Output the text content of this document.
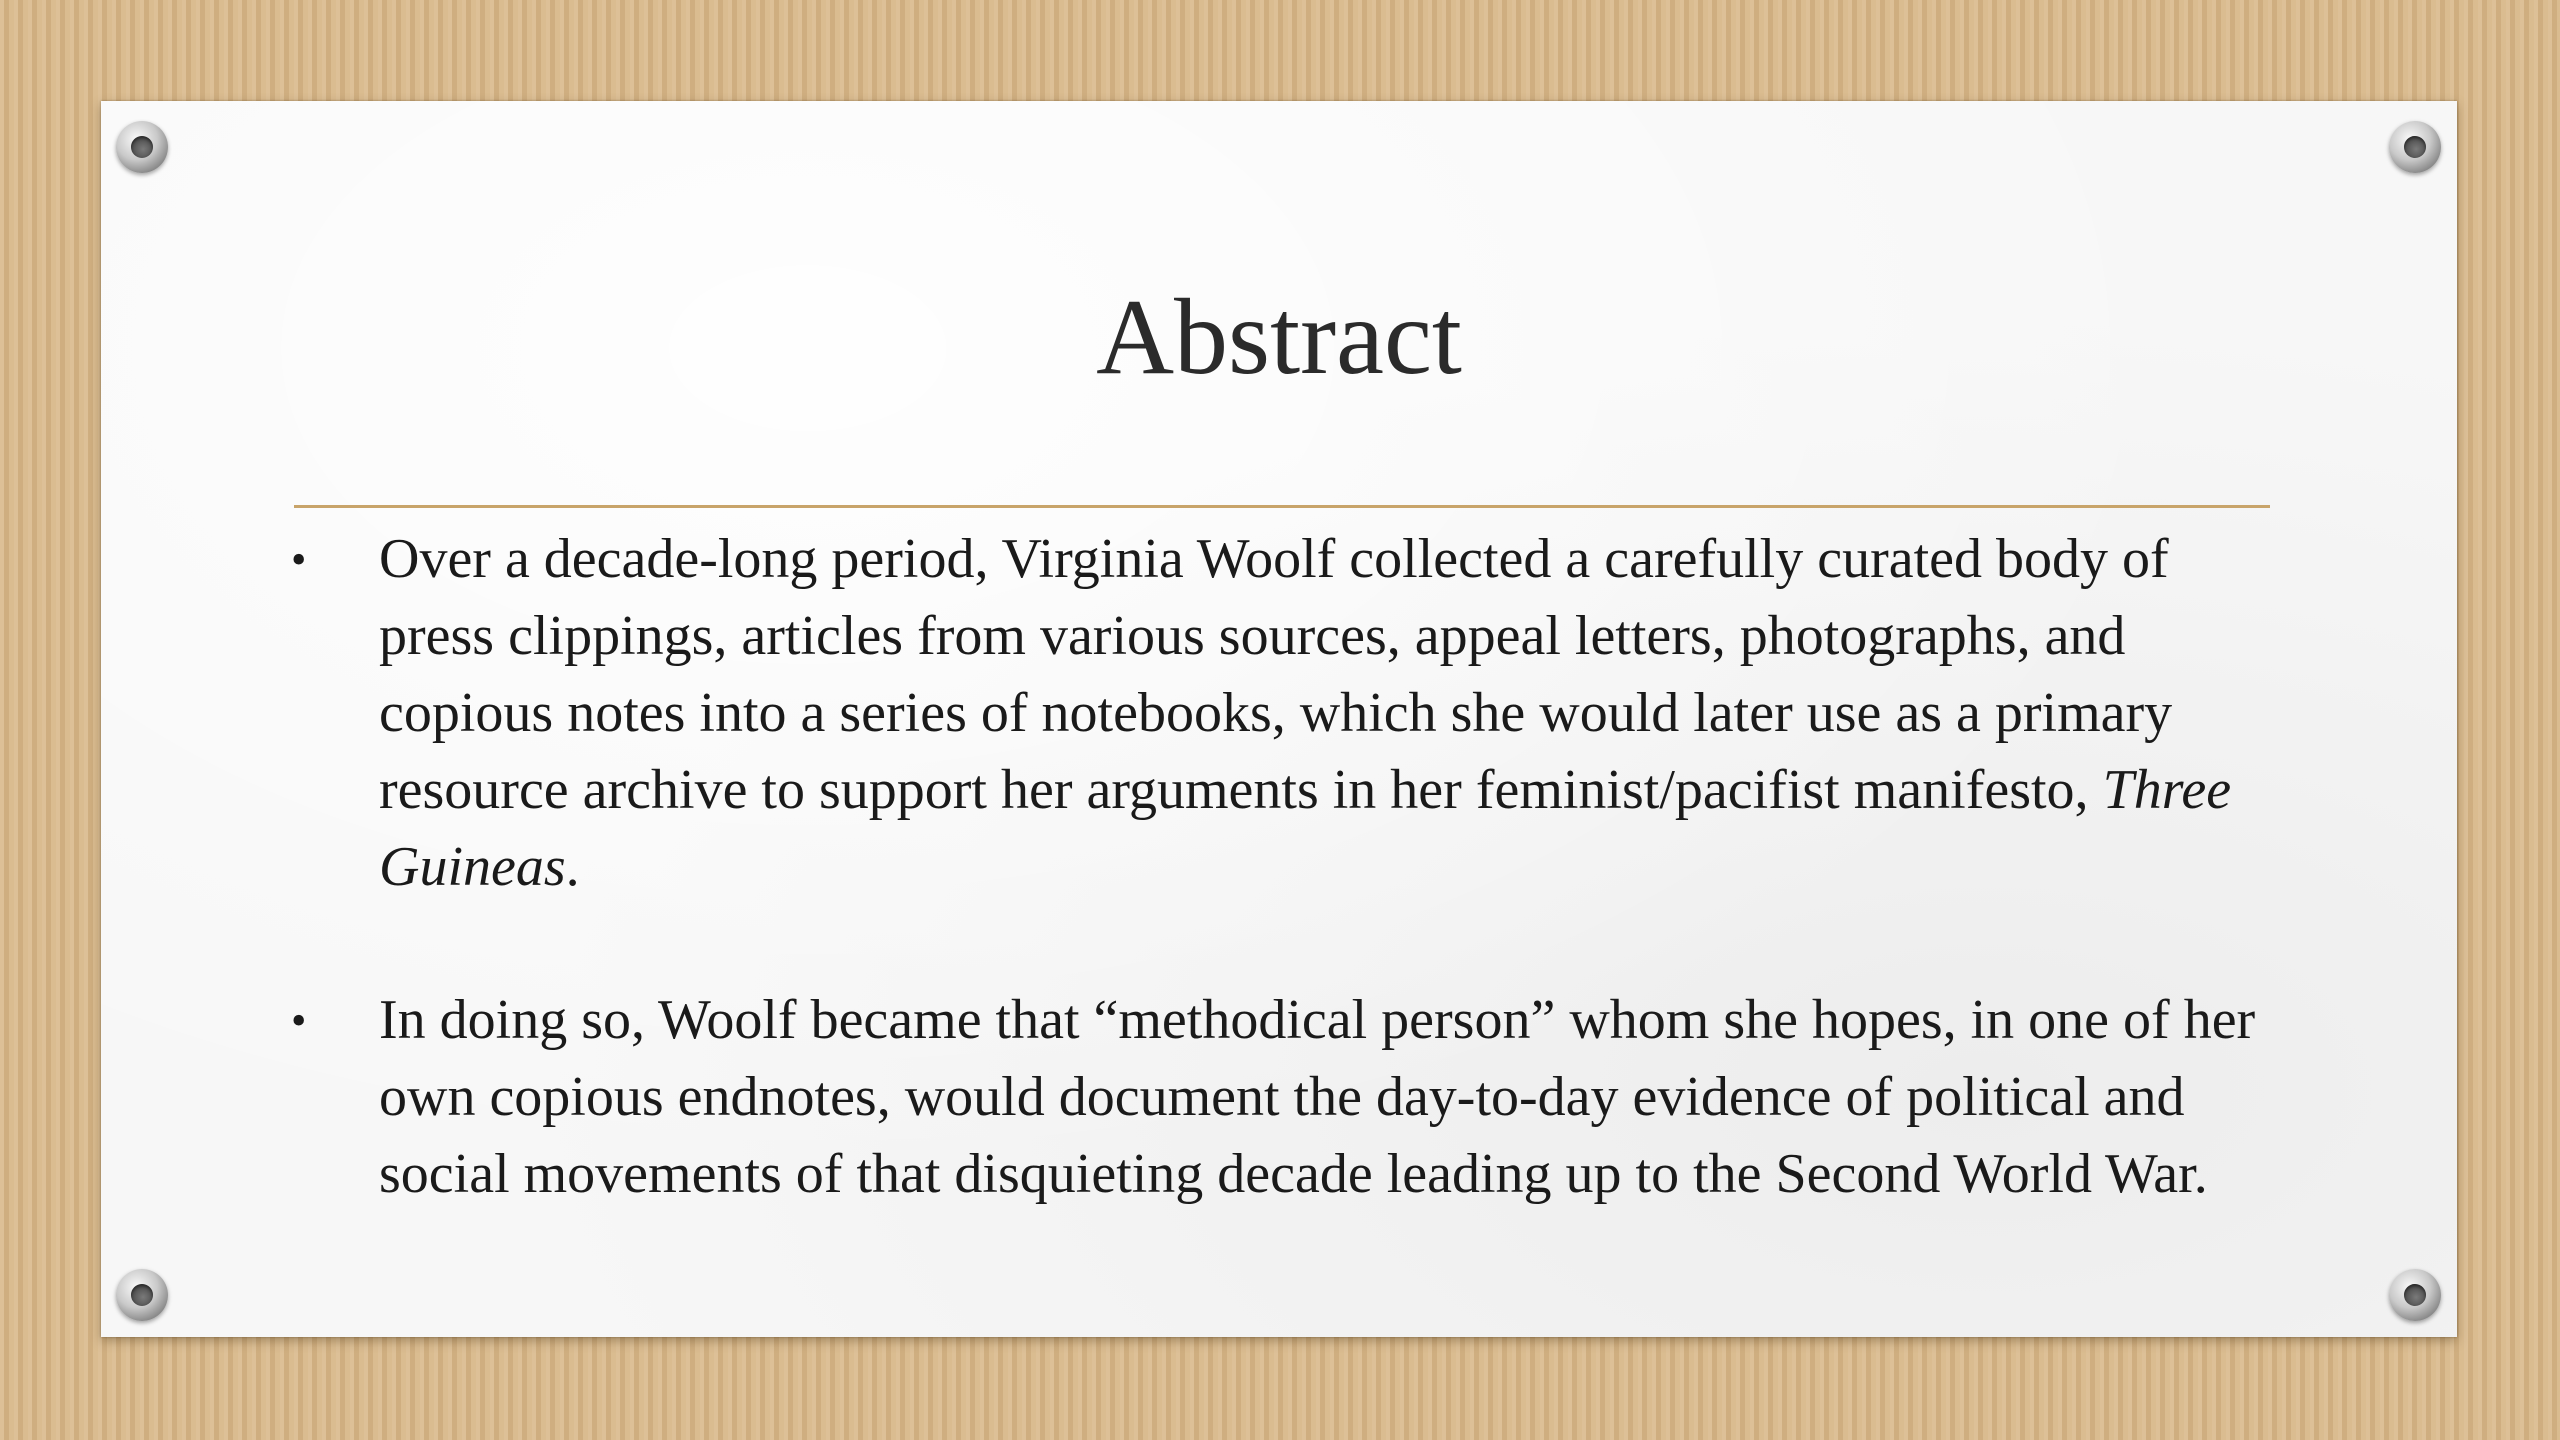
Abstract
•	Over a decade-long period, Virginia Woolf collected a carefully curated body of press clippings, articles from various sources, appeal letters, photographs, and copious notes into a series of notebooks, which she would later use as a primary resource archive to support her arguments in her feminist/pacifist manifesto, Three Guineas.
•	In doing so, Woolf became that “methodical person” whom she hopes, in one of her own copious endnotes, would document the day-to-day evidence of political and social movements of that disquieting decade leading up to the Second World War.
